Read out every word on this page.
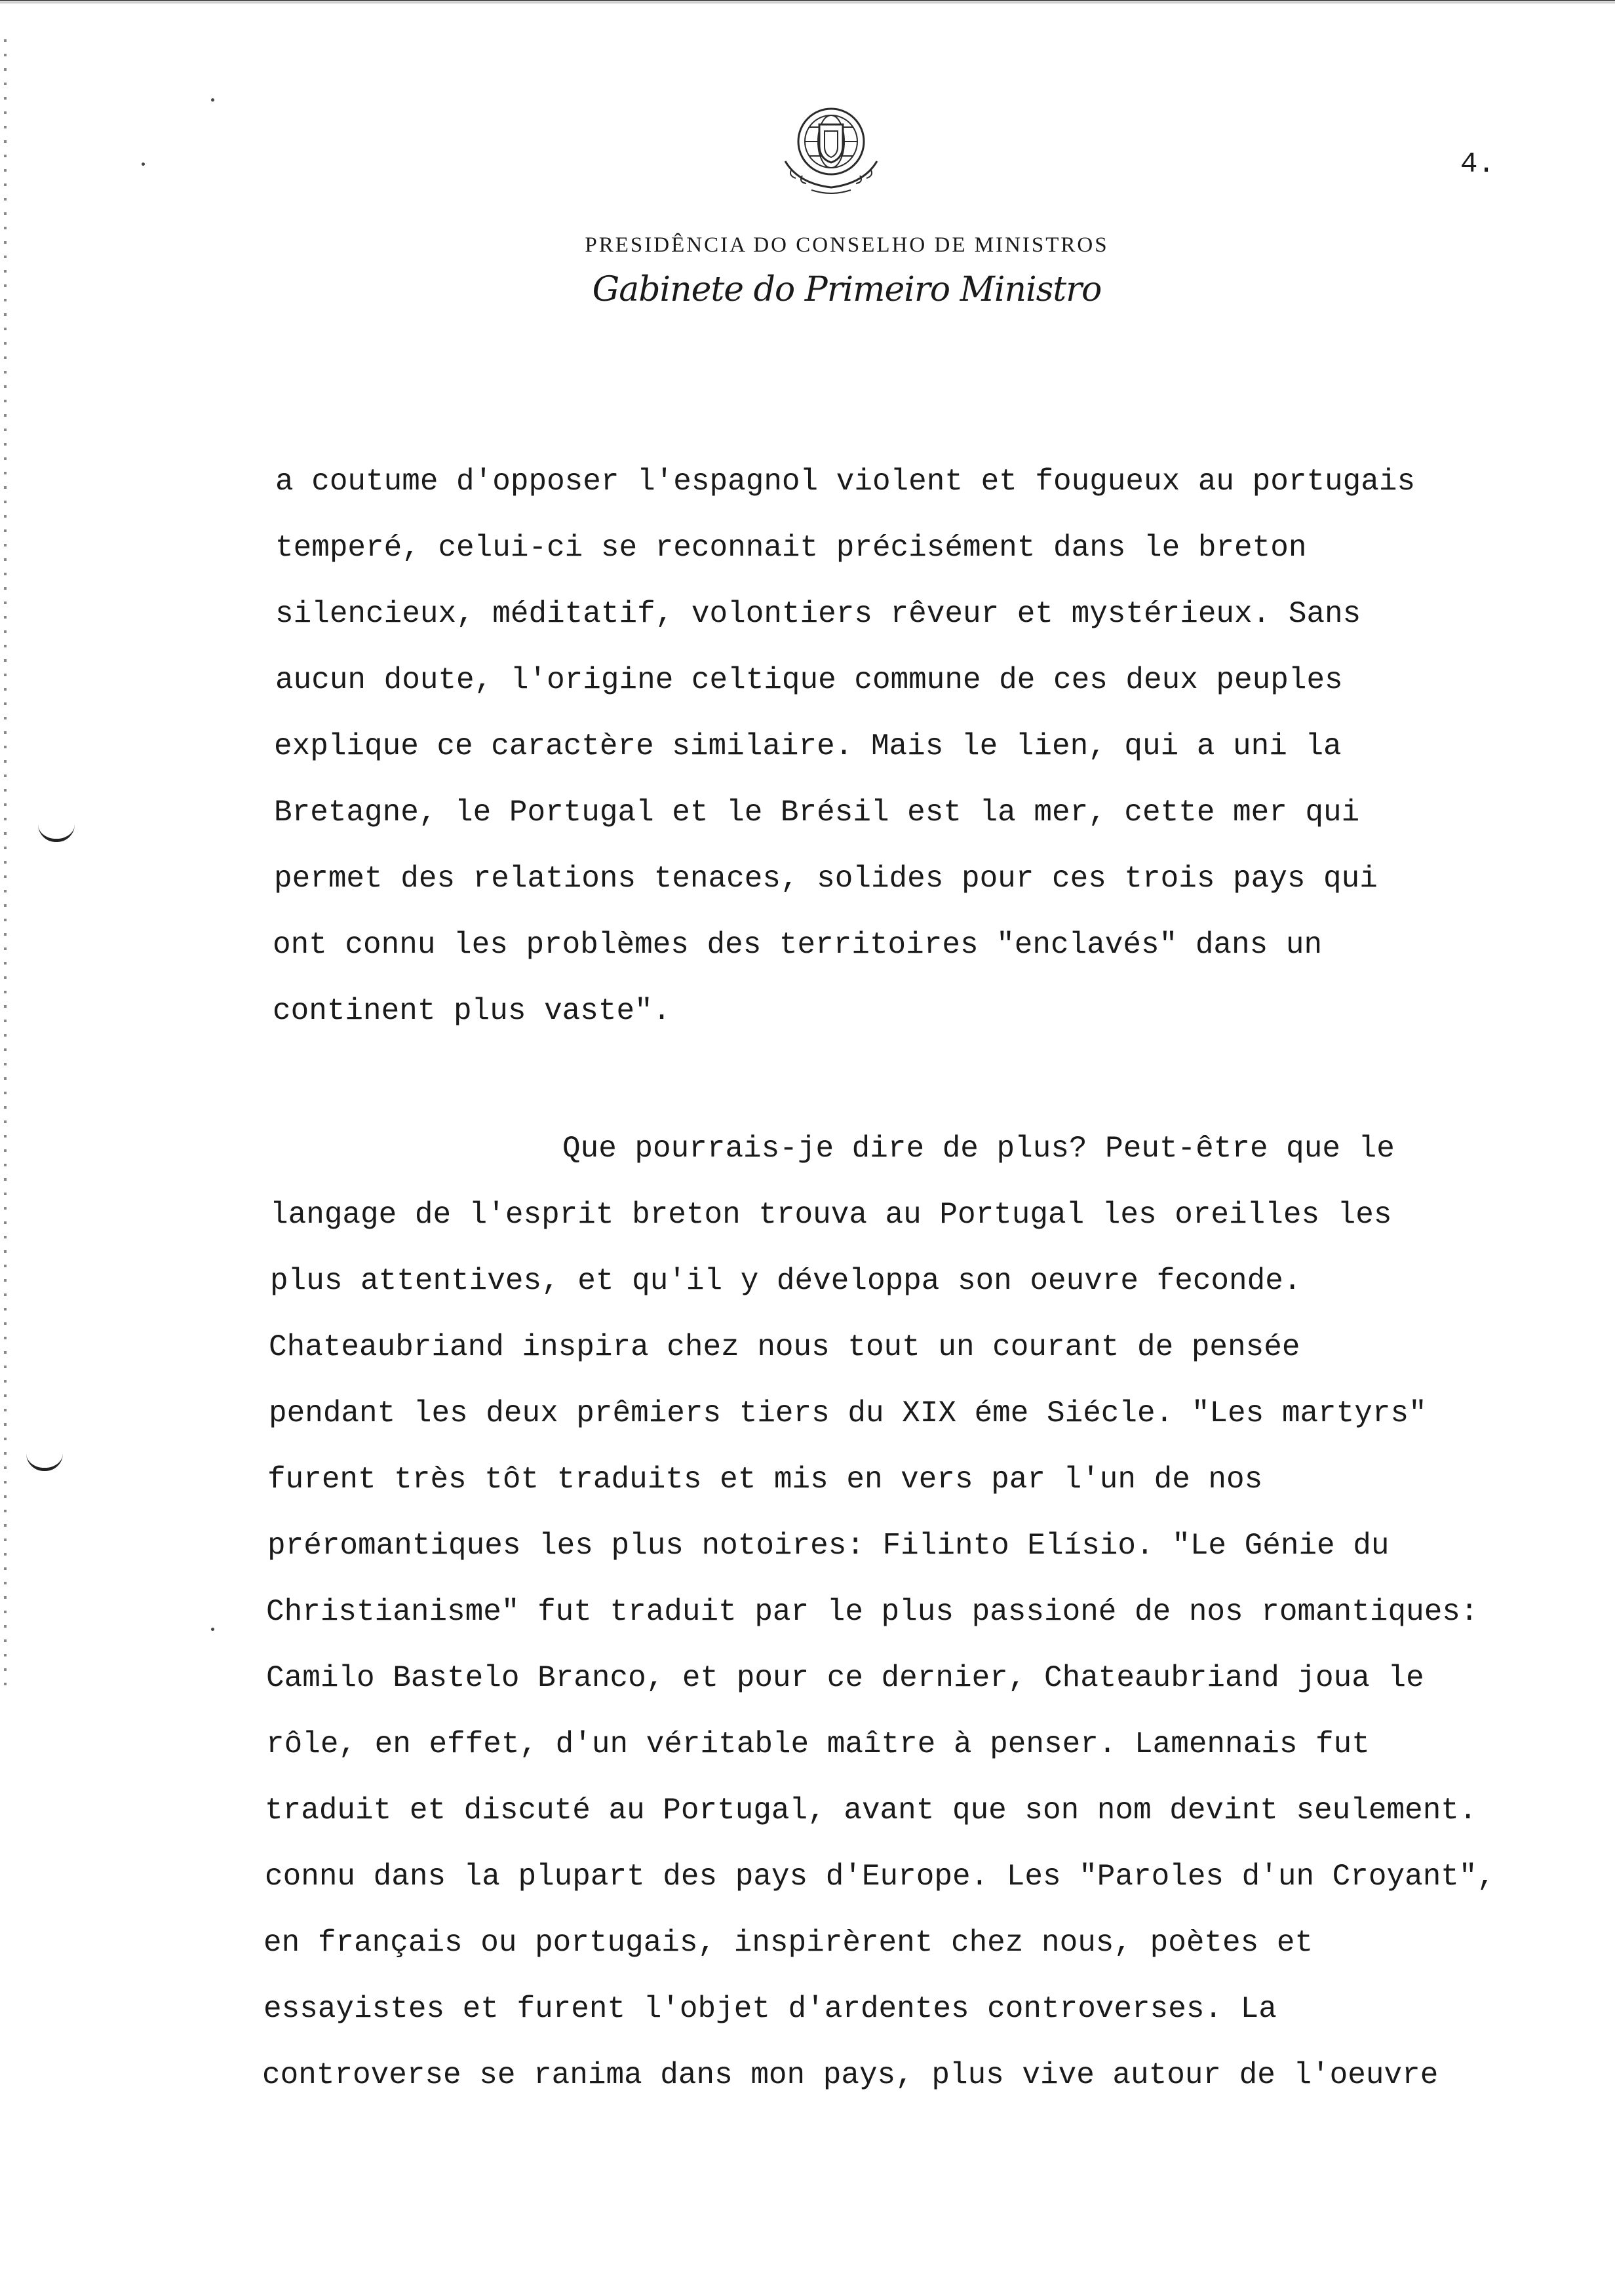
4.
PRESIDÊNCIA DO CONSELHO DE MINISTROS
Gabinete do Primeiro Ministro
a coutume d'opposer l'espagnol violent et fougueux au portugais
temperé, celui-ci se reconnait précisément dans le breton
silencieux, méditatif, volontiers rêveur et mystérieux. Sans
aucun doute, l'origine celtique commune de ces deux peuples
explique ce caractère similaire. Mais le lien, qui a uni la
Bretagne, le Portugal et le Brésil est la mer, cette mer qui
permet des relations tenaces, solides pour ces trois pays qui
ont connu les problèmes des territoires "enclavés" dans un
continent plus vaste".
Que pourrais-je dire de plus? Peut-être que le
langage de l'esprit breton trouva au Portugal les oreilles les
plus attentives, et qu'il y développa son oeuvre feconde.
Chateaubriand inspira chez nous tout un courant de pensée
pendant les deux prêmiers tiers du XIX éme Siécle. "Les martyrs"
furent très tôt traduits et mis en vers par l'un de nos
préromantiques les plus notoires: Filinto Elísio. "Le Génie du
Christianisme" fut traduit par le plus passioné de nos romantiques:
Camilo Bastelo Branco, et pour ce dernier, Chateaubriand joua le
rôle, en effet, d'un véritable maître à penser. Lamennais fut
traduit et discuté au Portugal, avant que son nom devint seulement.
connu dans la plupart des pays d'Europe. Les "Paroles d'un Croyant",
en français ou portugais, inspirèrent chez nous, poètes et
essayistes et furent l'objet d'ardentes controverses. La
controverse se ranima dans mon pays, plus vive autour de l'oeuvre
